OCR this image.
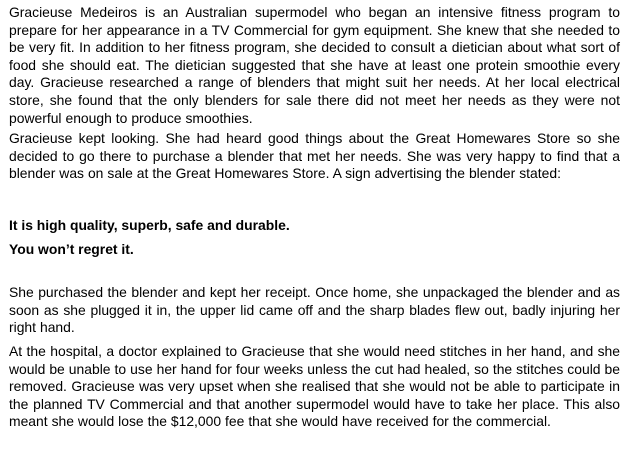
Gracieuse Medeiros is an Australian supermodel who began an intensive fitness program to prepare for her appearance in a TV Commercial for gym equipment. She knew that she needed to be very fit. In addition to her fitness program, she decided to consult a dietician about what sort of food she should eat. The dietician suggested that she have at least one protein smoothie every day. Gracieuse researched a range of blenders that might suit her needs. At her local electrical store, she found that the only blenders for sale there did not meet her needs as they were not powerful enough to produce smoothies.

Gracieuse kept looking. She had heard good things about the Great Homewares Store so she decided to go there to purchase a blender that met her needs. She was very happy to find that a blender was on sale at the Great Homewares Store. A sign advertising the blender stated:

It is high quality, superb, safe and durable.

You won’t regret it.

She purchased the blender and kept her receipt. Once home, she unpackaged the blender and as soon as she plugged it in, the upper lid came off and the sharp blades flew out, badly injuring her right hand.

At the hospital, a doctor explained to Gracieuse that she would need stitches in her hand, and she would be unable to use her hand for four weeks unless the cut had healed, so the stitches could be removed. Gracieuse was very upset when she realised that she would not be able to participate in the planned TV Commercial and that another supermodel would have to take her place. This also meant she would lose the $12,000 fee that she would have received for the commercial.
